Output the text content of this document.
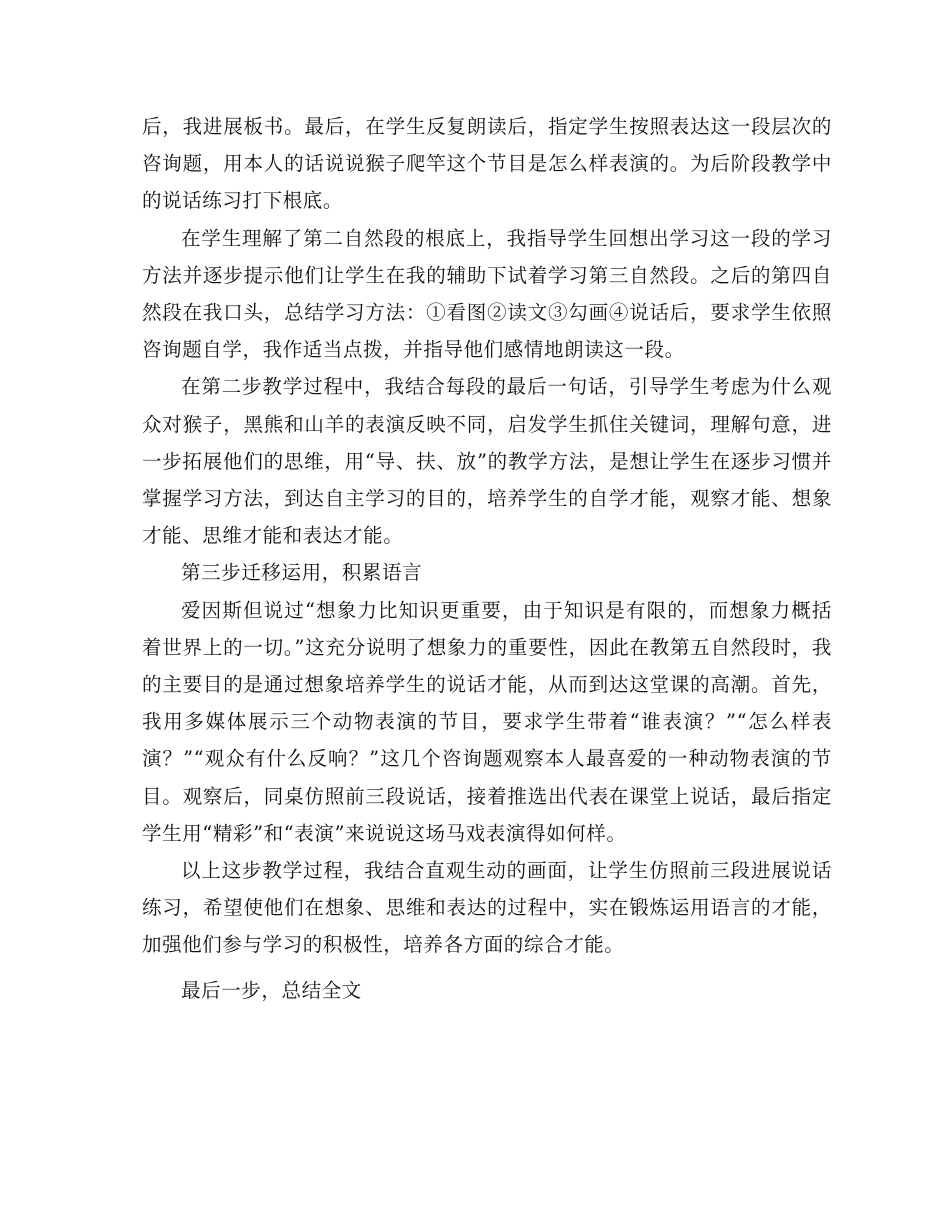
后，我进展板书。最后，在学生反复朗读后，指定学生按照表达这一段层次的咨询题，用本人的话说说猴子爬竿这个节目是怎么样表演的。为后阶段教学中的说话练习打下根底。

在学生理解了第二自然段的根底上，我指导学生回想出学习这一段的学习方法并逐步提示他们让学生在我的辅助下试着学习第三自然段。之后的第四自然段在我口头，总结学习方法：①看图②读文③勾画④说话后，要求学生依照咨询题自学，我作适当点拨，并指导他们感情地朗读这一段。

在第二步教学过程中，我结合每段的最后一句话，引导学生考虑为什么观众对猴子，黑熊和山羊的表演反映不同，启发学生抓住关键词，理解句意，进一步拓展他们的思维，用“导、扶、放”的教学方法，是想让学生在逐步习惯并掌握学习方法，到达自主学习的目的，培养学生的自学才能，观察才能、想象才能、思维才能和表达才能。

第三步迁移运用，积累语言

爱因斯但说过“想象力比知识更重要，由于知识是有限的，而想象力概括着世界上的一切。”这充分说明了想象力的重要性，因此在教第五自然段时，我的主要目的是通过想象培养学生的说话才能，从而到达这堂课的高潮。首先，我用多媒体展示三个动物表演的节目，要求学生带着“谁表演？”“怎么样表演？”“观众有什么反响？”这几个咨询题观察本人最喜爱的一种动物表演的节目。观察后，同桌仿照前三段说话，接着推选出代表在课堂上说话，最后指定学生用“精彩”和“表演”来说说这场马戏表演得如何样。

以上这步教学过程，我结合直观生动的画面，让学生仿照前三段进展说话练习，希望使他们在想象、思维和表达的过程中，实在锻炼运用语言的才能，加强他们参与学习的积极性，培养各方面的综合才能。

最后一步，总结全文
